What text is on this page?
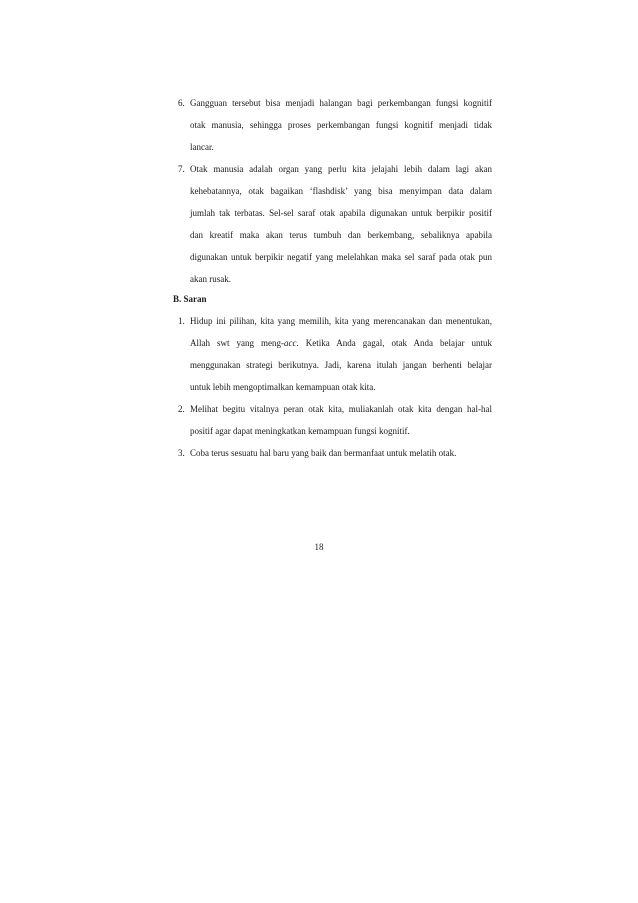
6. Gangguan tersebut bisa menjadi halangan bagi perkembangan fungsi kognitif
otak manusia, sehingga proses perkembangan fungsi kognitif menjadi tidak
lancar.
7. Otak manusia adalah organ yang perlu kita jelajahi lebih dalam lagi akan
kehebatannya, otak bagaikan ‘flashdisk’ yang bisa menyimpan data dalam
jumlah tak terbatas. Sel-sel saraf otak apabila digunakan untuk berpikir positif
dan kreatif maka akan terus tumbuh dan berkembang, sebaliknya apabila
digunakan untuk berpikir negatif yang melelahkan maka sel saraf pada otak pun
akan rusak.
B. Saran
1. Hidup ini pilihan, kita yang memilih, kita yang merencanakan dan menentukan,
Allah swt yang meng-acc. Ketika Anda gagal, otak Anda belajar untuk
menggunakan strategi berikutnya. Jadi, karena itulah jangan berhenti belajar
untuk lebih mengoptimalkan kemampuan otak kita.
2. Melihat begitu vitalnya peran otak kita, muliakanlah otak kita dengan hal-hal
positif agar dapat meningkatkan kemampuan fungsi kognitif.
3. Coba terus sesuatu hal baru yang baik dan bermanfaat untuk melatih otak.
18
